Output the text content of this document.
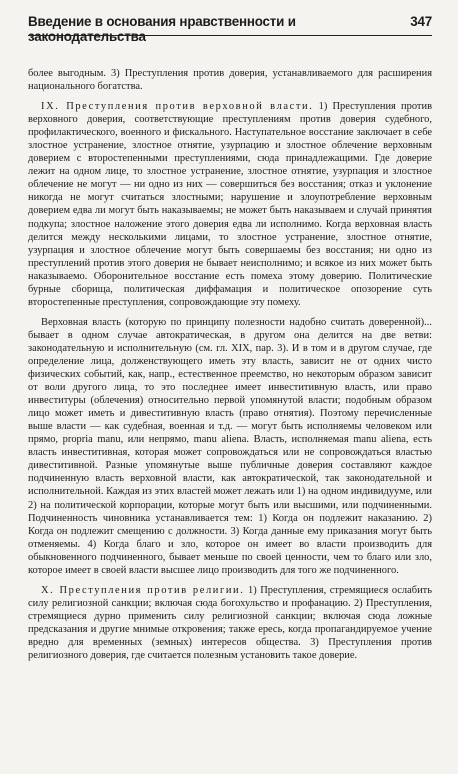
Введение в основания нравственности и законодательства
347

более выгодным. 3) Преступления против доверия, устанавливаемого для расширения национального богатства.

IX. Преступления против верховной власти. 1) Преступления против верховного доверия, соответствующие преступлениям против доверия судебного, профилактического, военного и фискального. Наступательное восстание заключает в себе злостное устранение, злостное отнятие, узурпацию и злостное облечение верховным доверием с второстепенными преступлениями, сюда принадлежащими. Где доверие лежит на одном лице, то злостное устранение, злостное отнятие, узурпация и злостное облечение не могут — ни одно из них — совершиться без восстания; отказ и уклонение никогда не могут считаться злостными; нарушение и злоупотребление верховным доверием едва ли могут быть наказываемы; не может быть наказываем и случай принятия подкупа; злостное наложение этого доверия едва ли исполнимо. Когда верховная власть делится между несколькими лицами, то злостное устранение, злостное отнятие, узурпация и злостное облечение могут быть совершаемы без восстания; ни одно из преступлений против этого доверия не бывает неисполнимо; и всякое из них может быть наказываемо. Оборонительное восстание есть помеха этому доверию. Политические бурные сборища, политическая диффамация и политическое опозорение суть второстепенные преступления, сопровождающие эту помеху.

Верховная власть (которую по принципу полезности надобно считать доверенной)... бывает в одном случае автократическая, в другом она делится на две ветви: законодательную и исполнительную (см. гл. XIX, пар. 3). И в том и в другом случае, где определение лица, долженствующего иметь эту власть, зависит не от одних чисто физических событий, как, напр., естественное преемство, но некоторым образом зависит от воли другого лица, то это последнее имеет инвеститивную власть, или право инвеституры (облечения) относительно первой упомянутой власти; подобным образом лицо может иметь и дивеститивную власть (право отнятия). Поэтому перечисленные выше власти — как судебная, военная и т.д. — могут быть исполняемы человеком или прямо, propria manu, или непрямо, manu aliena. Власть, исполняемая manu aliena, есть власть инвеститивная, которая может сопровождаться или не сопровождаться властью дивеститивной. Разные упомянутые выше публичные доверия составляют каждое подчиненную власть верховной власти, как автократической, так законодательной и исполнительной. Каждая из этих властей может лежать или 1) на одном индивидууме, или 2) на политической корпорации, которые могут быть или высшими, или подчиненными. Подчиненность чиновника устанавливается тем: 1) Когда он подлежит наказанию. 2) Когда он подлежит смещению с должности. 3) Когда данные ему приказания могут быть отменяемы. 4) Когда благо и зло, которое он имеет во власти производить для обыкновенного подчиненного, бывает меньше по своей ценности, чем то благо или зло, которое имеет в своей власти высшее лицо производить для того же подчиненного.

X. Преступления против религии. 1) Преступления, стремящиеся ослабить силу религиозной санкции; включая сюда богохульство и профанацию. 2) Преступления, стремящиеся дурно применить силу религиозной санкции; включая сюда ложные предсказания и другие мнимые откровения; также ересь, когда пропагандируемое учение вредно для временных (земных) интересов общества. 3) Преступления против религиозного доверия, где считается полезным установить такое доверие.
